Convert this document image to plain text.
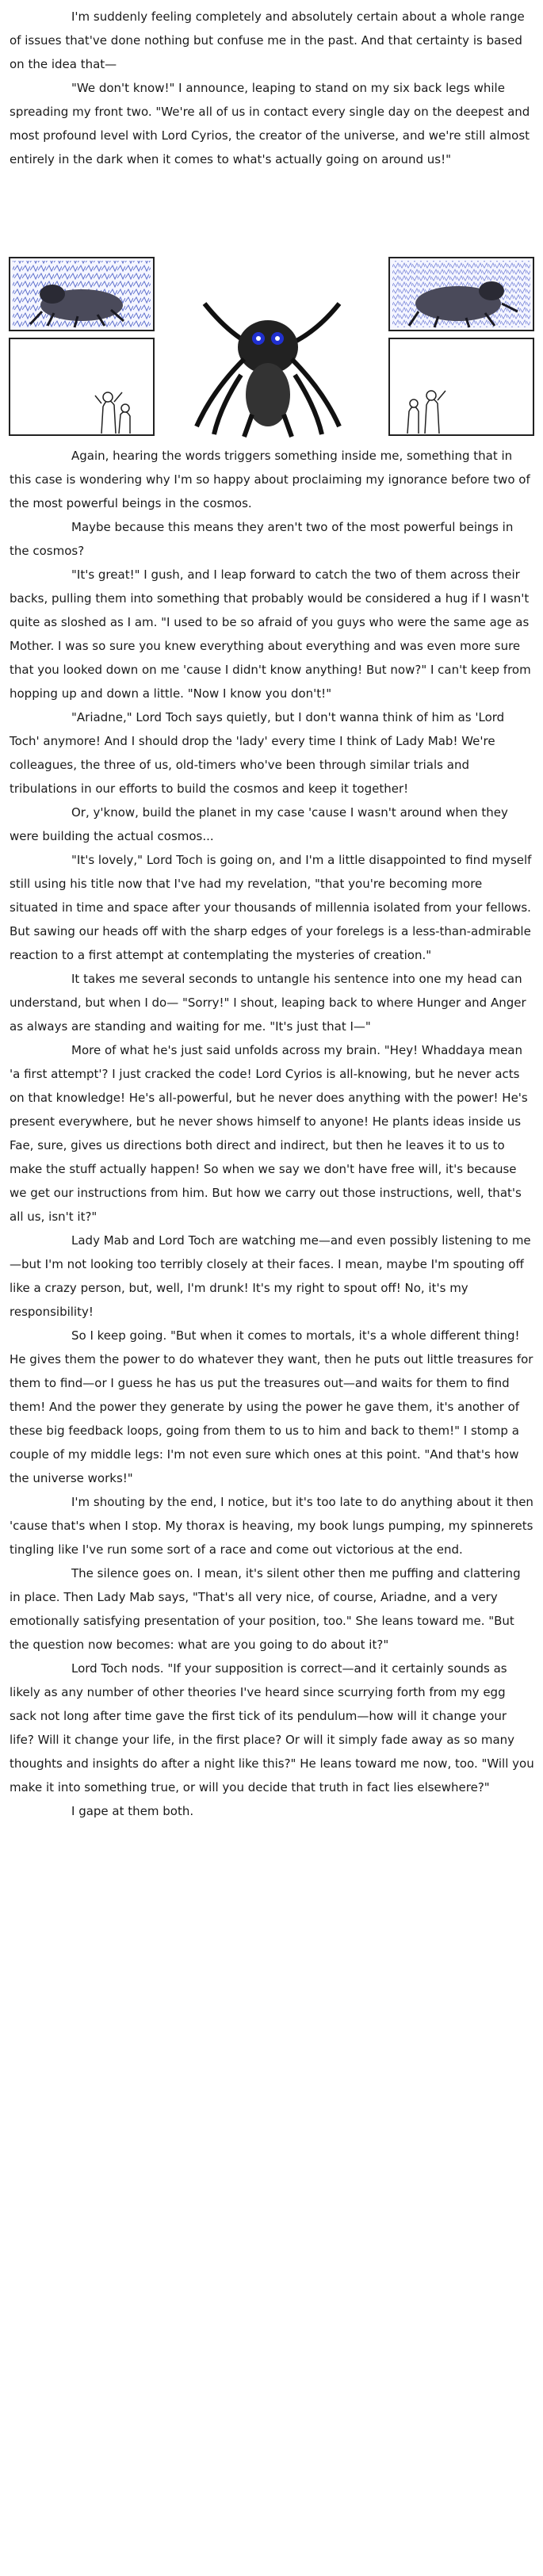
I'm suddenly feeling completely and absolutely certain about a whole range of issues that've done nothing but confuse me in the past. And that certainty is based on the idea that—

"We don't know!" I announce, leaping to stand on my six back legs while spreading my front two. "We're all of us in contact every single day on the deepest and most profound level with Lord Cyrios, the creator of the universe, and we're still almost entirely in the dark when it comes to what's actually going on around us!"

Again, hearing the words triggers something inside me, something that in this case is wondering why I'm so happy about proclaiming my ignorance before two of the most powerful beings in the cosmos.

Maybe because this means they aren't two of the most powerful beings in the cosmos?

"It's great!" I gush, and I leap forward to catch the two of them across their backs, pulling them into something that probably would be considered a hug if I wasn't quite as sloshed as I am. "I used to be so afraid of you guys who were the same age as Mother. I was so sure you knew everything about everything and was even more sure that you looked down on me 'cause I didn't know anything! But now?" I can't keep from hopping up and down a little. "Now I know you don't!"

"Ariadne," Lord Toch says quietly, but I don't wanna think of him as 'Lord Toch' anymore! And I should drop the 'lady' every time I think of Lady Mab! We're colleagues, the three of us, old-timers who've been through similar trials and tribulations in our efforts to build the cosmos and keep it together!

Or, y'know, build the planet in my case 'cause I wasn't around when they were building the actual cosmos...

"It's lovely," Lord Toch is going on, and I'm a little disappointed to find myself still using his title now that I've had my revelation, "that you're becoming more situated in time and space after your thousands of millennia isolated from your fellows. But sawing our heads off with the sharp edges of your forelegs is a less-than-admirable reaction to a first attempt at contemplating the mysteries of creation."

It takes me several seconds to untangle his sentence into one my head can understand, but when I do— "Sorry!" I shout, leaping back to where Hunger and Anger as always are standing and waiting for me. "It's just that I—"

More of what he's just said unfolds across my brain. "Hey! Whaddaya mean 'a first attempt'? I just cracked the code! Lord Cyrios is all-knowing, but he never acts on that knowledge! He's all-powerful, but he never does anything with the power! He's present everywhere, but he never shows himself to anyone! He plants ideas inside us Fae, sure, gives us directions both direct and indirect, but then he leaves it to us to make the stuff actually happen! So when we say we don't have free will, it's because we get our instructions from him. But how we carry out those instructions, well, that's all us, isn't it?"

Lady Mab and Lord Toch are watching me—and even possibly listening to me—but I'm not looking too terribly closely at their faces. I mean, maybe I'm spouting off like a crazy person, but, well, I'm drunk! It's my right to spout off! No, it's my responsibility!

So I keep going. "But when it comes to mortals, it's a whole different thing! He gives them the power to do whatever they want, then he puts out little treasures for them to find—or I guess he has us put the treasures out—and waits for them to find them! And the power they generate by using the power he gave them, it's another of these big feedback loops, going from them to us to him and back to them!" I stomp a couple of my middle legs: I'm not even sure which ones at this point. "And that's how the universe works!"

I'm shouting by the end, I notice, but it's too late to do anything about it then 'cause that's when I stop. My thorax is heaving, my book lungs pumping, my spinnerets tingling like I've run some sort of a race and come out victorious at the end.

The silence goes on. I mean, it's silent other then me puffing and clattering in place. Then Lady Mab says, "That's all very nice, of course, Ariadne, and a very emotionally satisfying presentation of your position, too." She leans toward me. "But the question now becomes: what are you going to do about it?"

Lord Toch nods. "If your supposition is correct—and it certainly sounds as likely as any number of other theories I've heard since scurrying forth from my egg sack not long after time gave the first tick of its pendulum—how will it change your life? Will it change your life, in the first place? Or will it simply fade away as so many thoughts and insights do after a night like this?" He leans toward me now, too. "Will you make it into something true, or will you decide that truth in fact lies elsewhere?"

I gape at them both.
